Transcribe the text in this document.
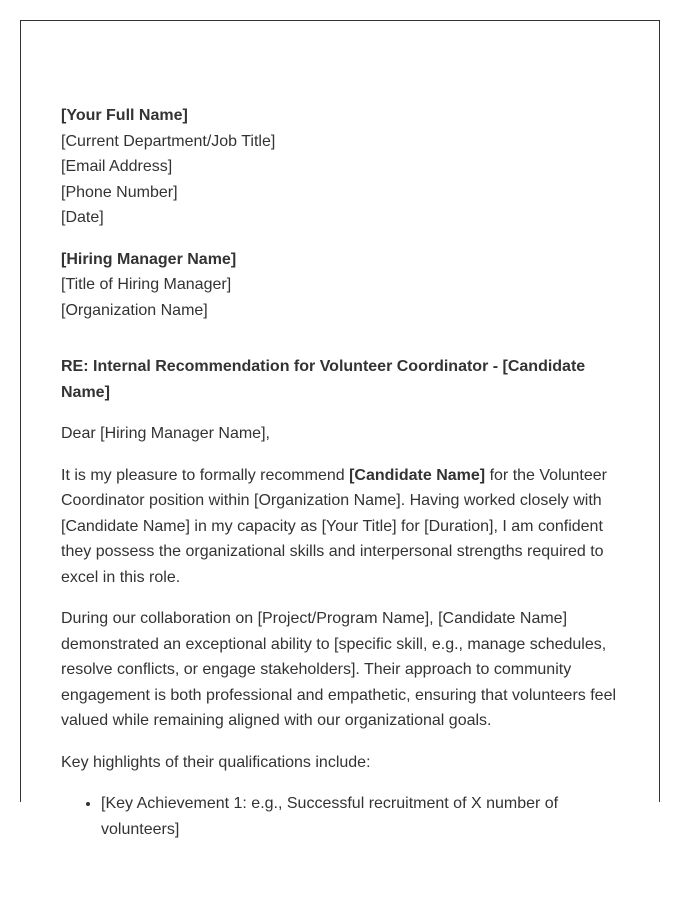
[Your Full Name]
[Current Department/Job Title]
[Email Address]
[Phone Number]
[Date]
[Hiring Manager Name]
[Title of Hiring Manager]
[Organization Name]
RE: Internal Recommendation for Volunteer Coordinator - [Candidate Name]

Dear [Hiring Manager Name],

It is my pleasure to formally recommend [Candidate Name] for the Volunteer Coordinator position within [Organization Name]. Having worked closely with [Candidate Name] in my capacity as [Your Title] for [Duration], I am confident they possess the organizational skills and interpersonal strengths required to excel in this role.

During our collaboration on [Project/Program Name], [Candidate Name] demonstrated an exceptional ability to [specific skill, e.g., manage schedules, resolve conflicts, or engage stakeholders]. Their approach to community engagement is both professional and empathetic, ensuring that volunteers feel valued while remaining aligned with our organizational goals.

Key highlights of their qualifications include:

• [Key Achievement 1: e.g., Successful recruitment of X number of volunteers]
